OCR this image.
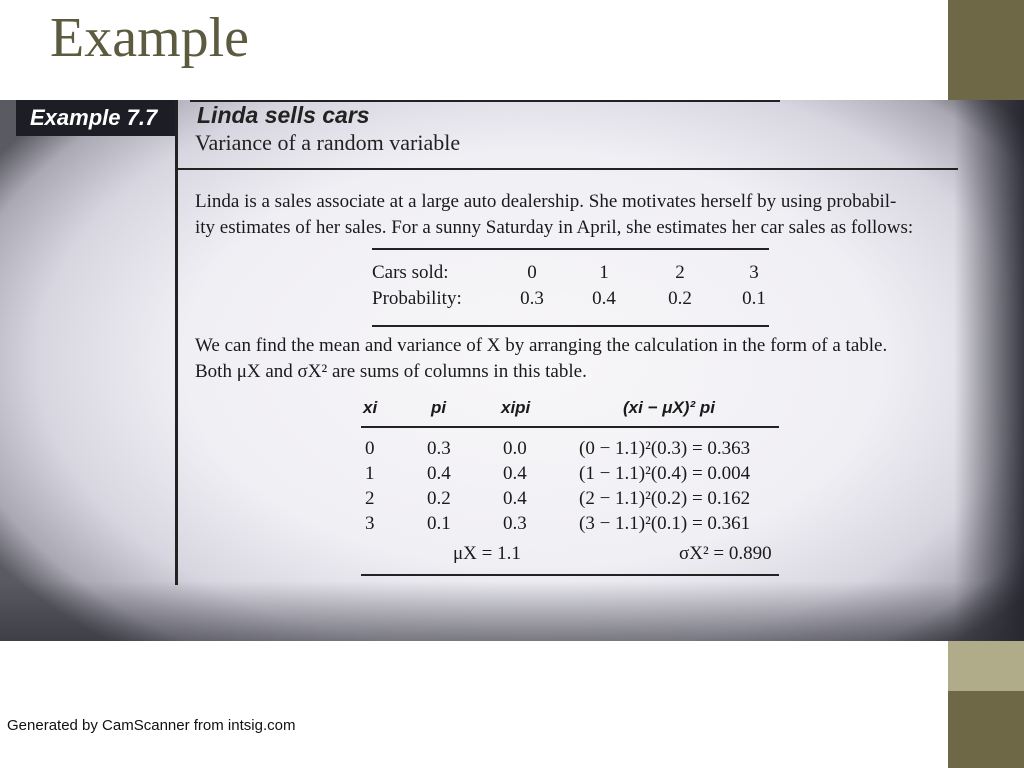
Example
Example 7.7	Linda sells cars
Variance of a random variable
Linda is a sales associate at a large auto dealership. She motivates herself by using probabil-
ity estimates of her sales. For a sunny Saturday in April, she estimates her car sales as follows:
Cars sold:	0	1	2	3
Probability:	0.3	0.4	0.2	0.1
We can find the mean and variance of X by arranging the calculation in the form of a table.
Both μX and σX² are sums of columns in this table.
xi	pi	xipi	(xi − μX)² pi
0	0.3	0.0	(0 − 1.1)²(0.3) = 0.363
1	0.4	0.4	(1 − 1.1)²(0.4) = 0.004
2	0.2	0.4	(2 − 1.1)²(0.2) = 0.162
3	0.1	0.3	(3 − 1.1)²(0.1) = 0.361
μX = 1.1	σX² = 0.890
Generated by CamScanner from intsig.com
